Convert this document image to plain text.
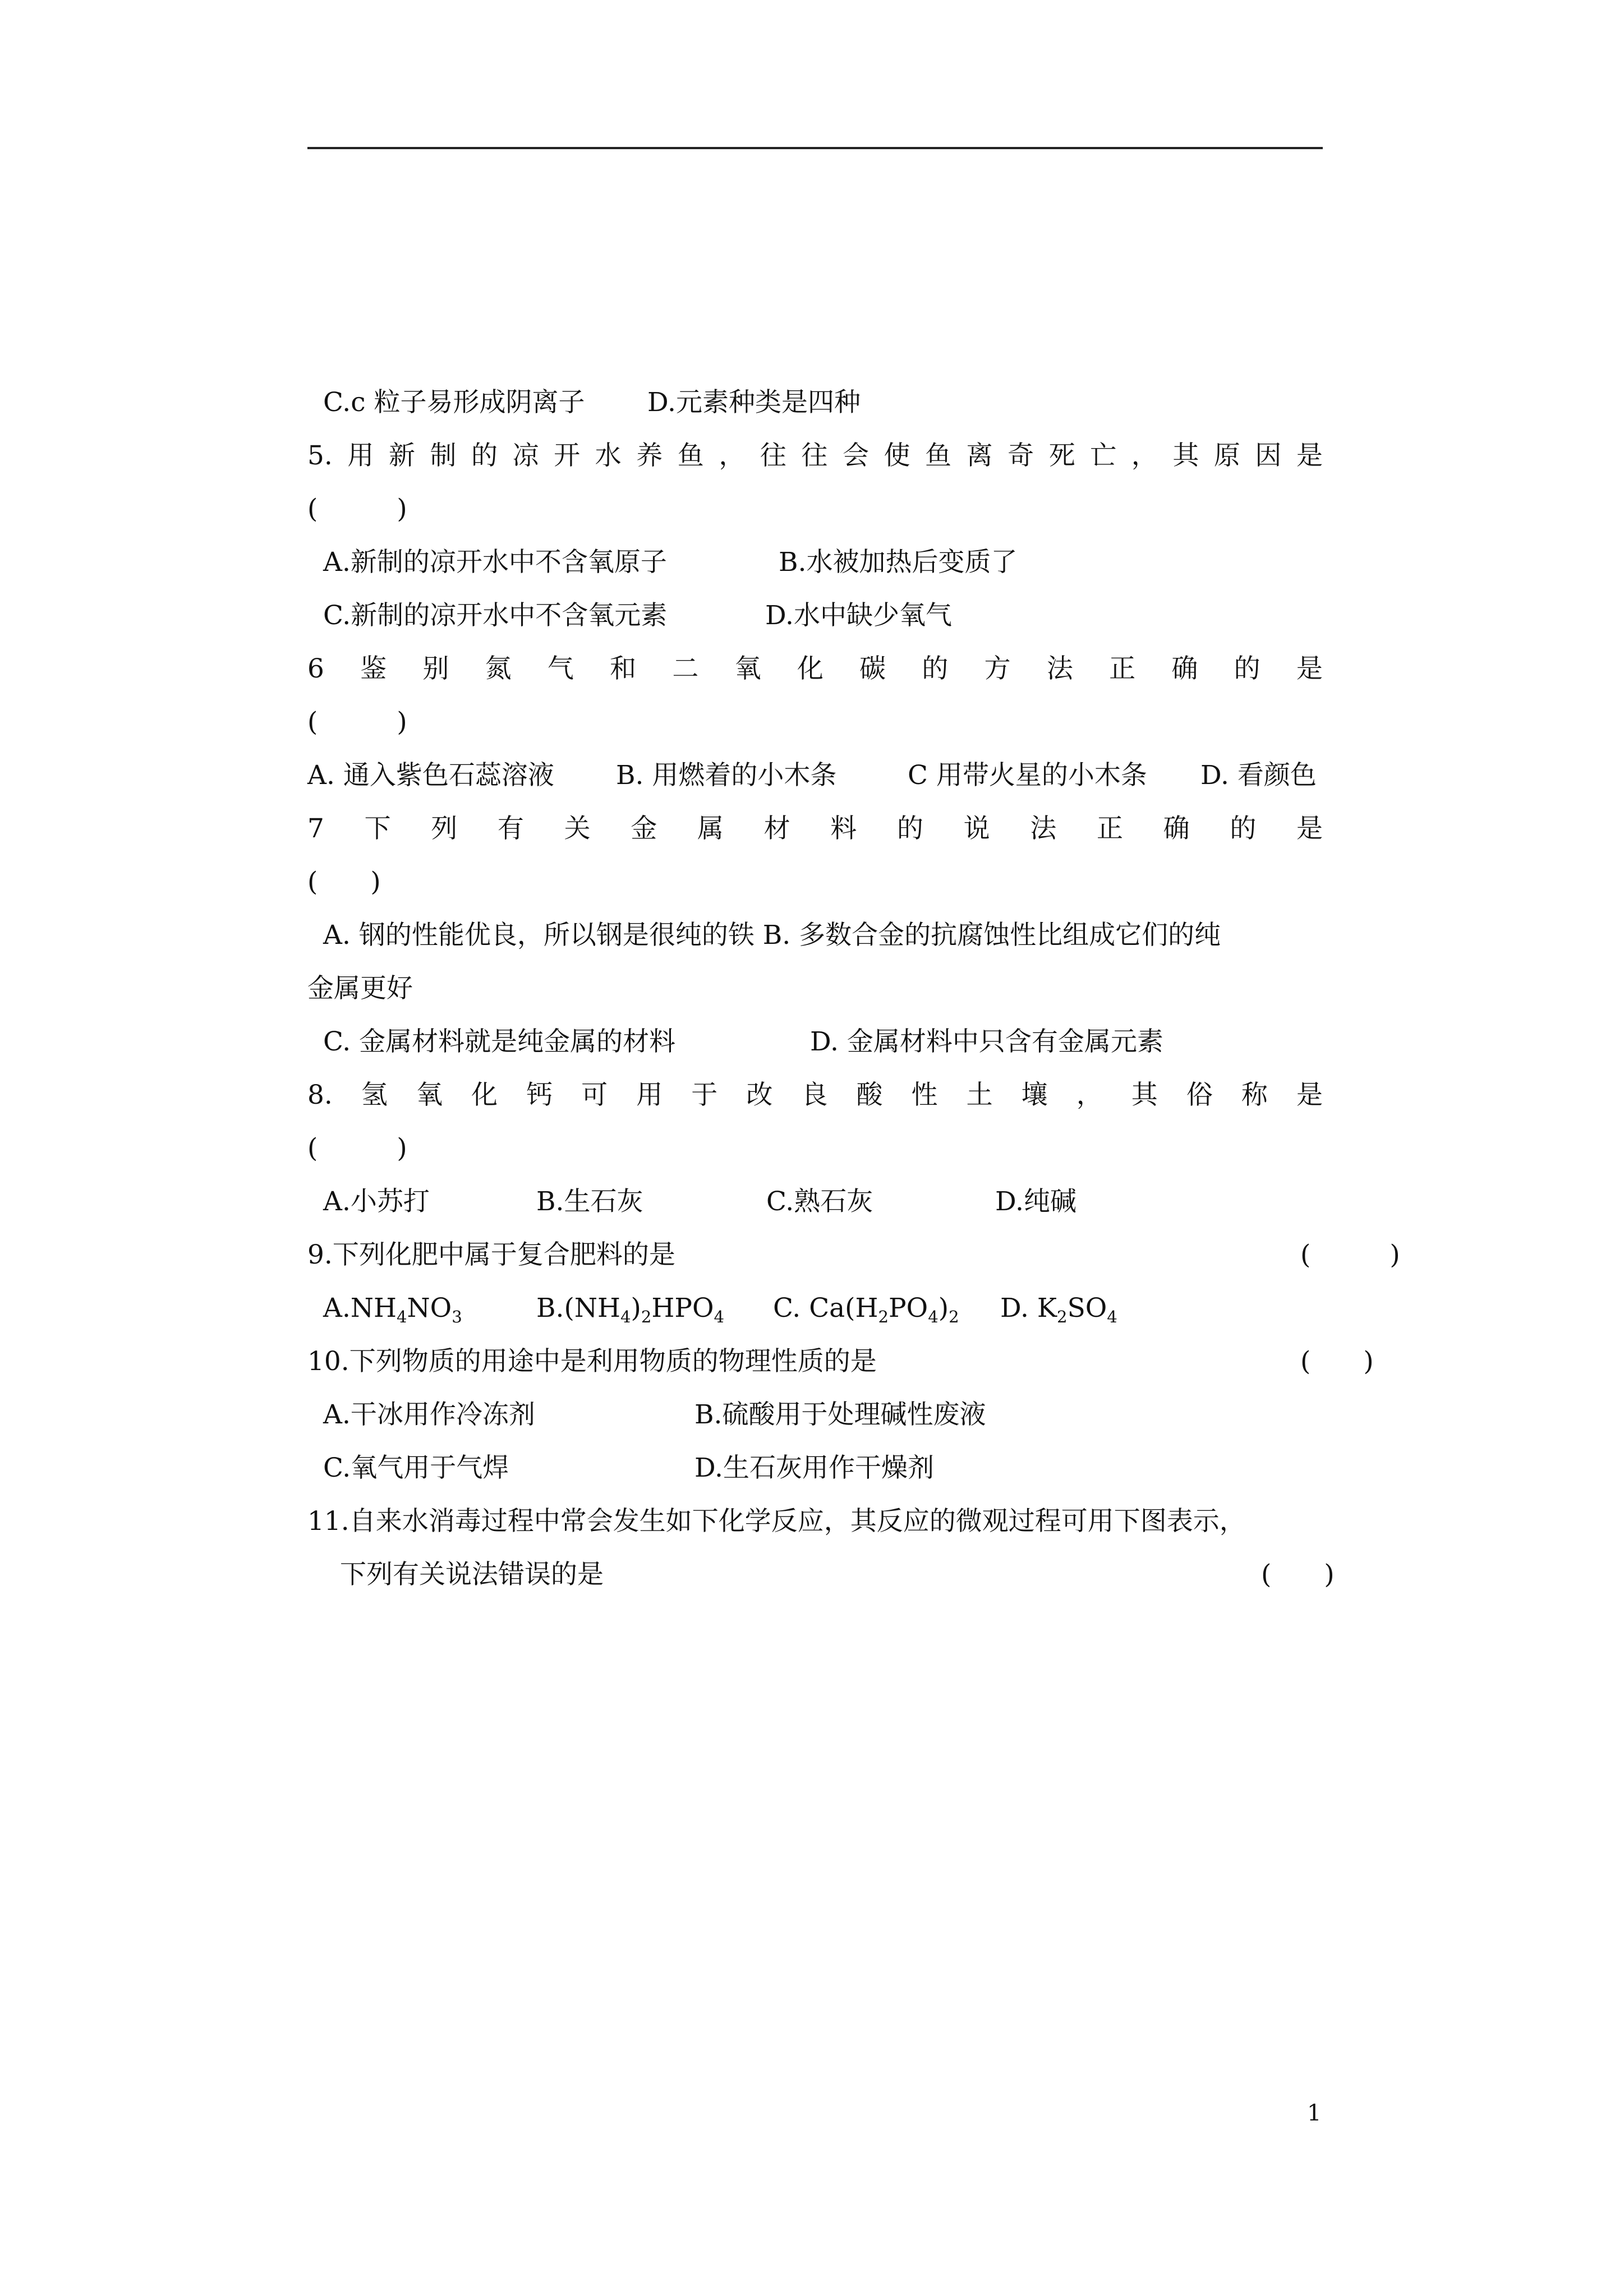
C.c 粒子易形成阴离子 D.元素种类是四种
5. 用 新 制 的 凉 开 水 养 鱼 ， 往 往 会 使 鱼 离 奇 死 亡 ， 其 原 因 是
(　　　)
A.新制的凉开水中不含氧原子	B.水被加热后变质了
C.新制的凉开水中不含氧元素	D.水中缺少氧气
6 鉴 别 氮 气 和 二 氧 化 碳 的 方 法 正 确 的 是
(　　　)
A. 通入紫色石蕊溶液 B. 用燃着的小木条	C 用带火星的小木条 D. 看颜色
7 下 列 有 关 金 属 材 料 的 说 法 正 确 的 是
(　　)
A. 钢的性能优良，所以钢是很纯的铁 B. 多数合金的抗腐蚀性比组成它们的纯
金属更好
C. 金属材料就是纯金属的材料	D. 金属材料中只含有金属元素
8. 氢 氧 化 钙 可 用 于 改 良 酸 性 土 壤 ， 其 俗 称 是
(　　　)
A.小苏打	B.生石灰	C.熟石灰	D.纯碱
9.下列化肥中属于复合肥料的是	(　　　)
$A.NH_4NO_3$	$B.(NH_4)_2HPO_4$ C. $Ca(H_2PO_4)_2$ D. $K_2SO_4$
10.下列物质的用途中是利用物质的物理性质的是	(　　)
A.干冰用作冷冻剂	B.硫酸用于处理碱性废液
C.氧气用于气焊	D.生石灰用作干燥剂
11.自来水消毒过程中常会发生如下化学反应，其反应的微观过程可用下图表示，
下列有关说法错误的是	(　　)
1
